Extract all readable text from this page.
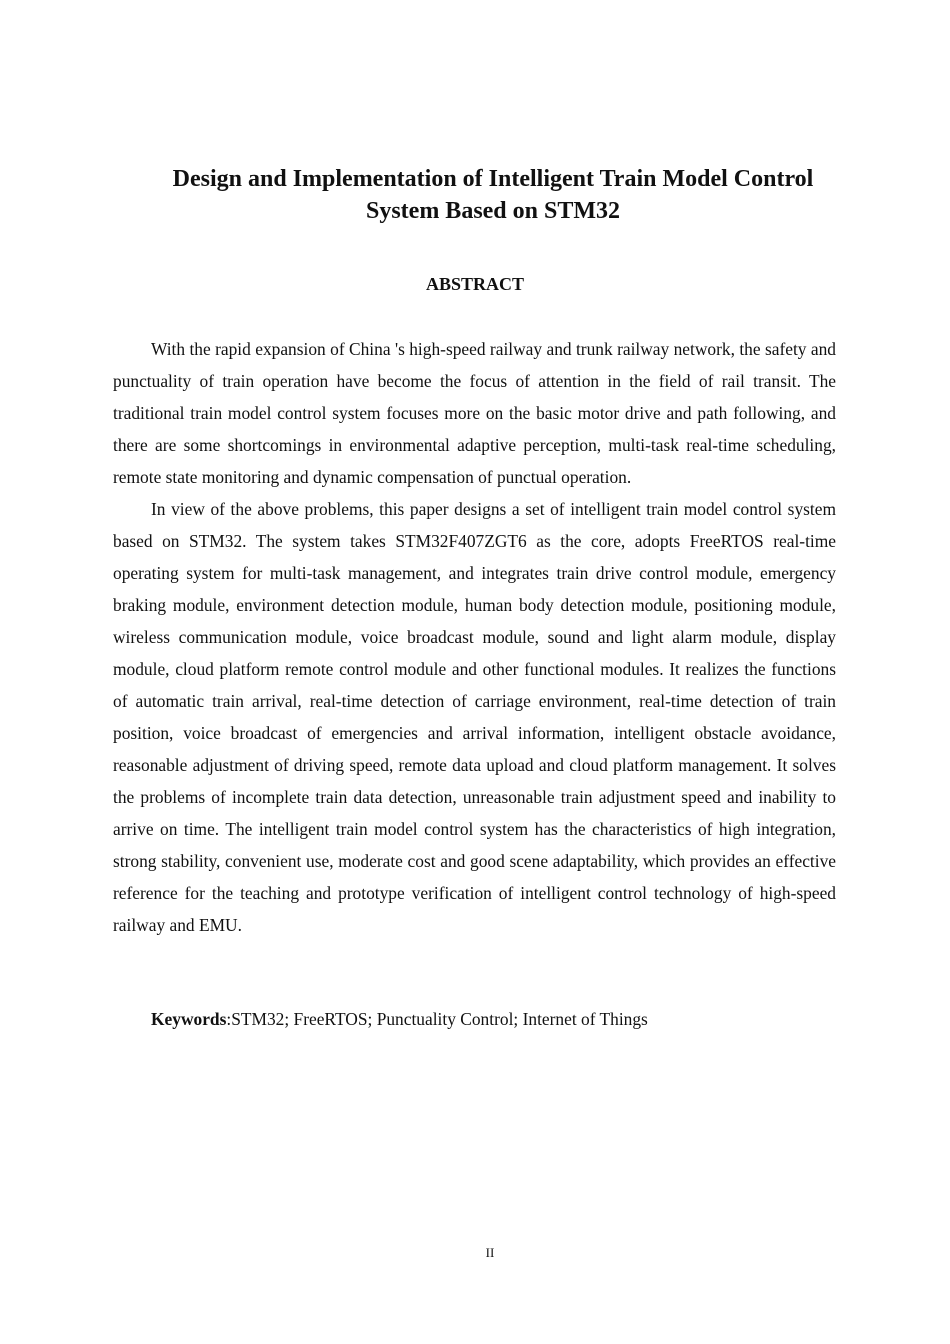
Design and Implementation of Intelligent Train Model Control
System Based on STM32
ABSTRACT

With the rapid expansion of China 's high-speed railway and trunk railway network, the safety and punctuality of train operation have become the focus of attention in the field of rail transit. The traditional train model control system focuses more on the basic motor drive and path following, and there are some shortcomings in environmental adaptive perception, multi-task real-time scheduling, remote state monitoring and dynamic compensation of punctual operation.

In view of the above problems, this paper designs a set of intelligent train model control system based on STM32. The system takes STM32F407ZGT6 as the core, adopts FreeRTOS real-time operating system for multi-task management, and integrates train drive control module, emergency braking module, environment detection module, human body detection module, positioning module, wireless communication module, voice broadcast module, sound and light alarm module, display module, cloud platform remote control module and other functional modules. It realizes the functions of automatic train arrival, real-time detection of carriage environment, real-time detection of train position, voice broadcast of emergencies and arrival information, intelligent obstacle avoidance, reasonable adjustment of driving speed, remote data upload and cloud platform management. It solves the problems of incomplete train data detection, unreasonable train adjustment speed and inability to arrive on time. The intelligent train model control system has the characteristics of high integration, strong stability, convenient use, moderate cost and good scene adaptability, which provides an effective reference for the teaching and prototype verification of intelligent control technology of high-speed railway and EMU.

Keywords:STM32; FreeRTOS; Punctuality Control; Internet of Things

II
